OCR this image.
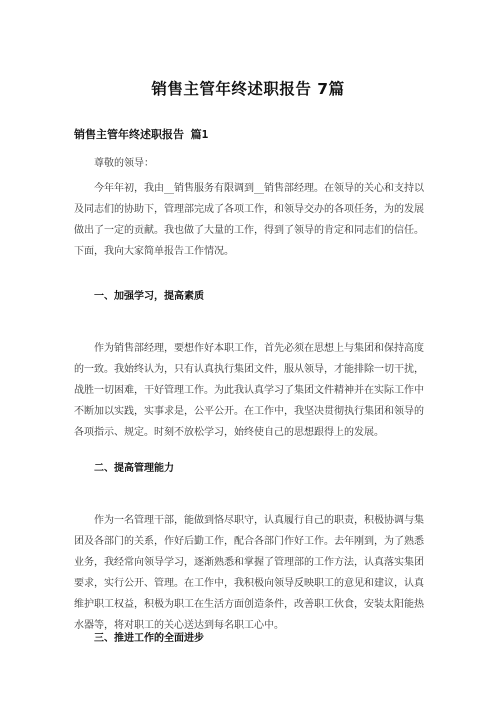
销售主管年终述职报告 7篇
销售主管年终述职报告 篇1
尊敬的领导：

今年年初，我由__销售服务有限调到__销售部经理。在领导的关心和支持以及同志们的协助下，管理部完成了各项工作，和领导交办的各项任务，为的发展做出了一定的贡献。我也做了大量的工作，得到了领导的肯定和同志们的信任。下面，我向大家简单报告工作情况。

一、加强学习，提高素质

作为销售部经理，要想作好本职工作，首先必须在思想上与集团和保持高度的一致。我始终认为，只有认真执行集团文件，服从领导，才能排除一切干扰，战胜一切困难，干好管理工作。为此我认真学习了集团文件精神并在实际工作中不断加以实践，实事求是，公平公开。在工作中，我坚决贯彻执行集团和领导的各项指示、规定。时刻不放松学习，始终使自己的思想跟得上的发展。

二、提高管理能力

作为一名管理干部，能做到恪尽职守，认真履行自己的职责，积极协调与集团及各部门的关系，作好后勤工作，配合各部门作好工作。去年刚到，为了熟悉业务，我经常向领导学习，逐渐熟悉和掌握了管理部的工作方法，认真落实集团要求，实行公开、管理。在工作中，我积极向领导反映职工的意见和建议，认真维护职工权益，积极为职工在生活方面创造条件，改善职工伙食，安装太阳能热水器等，将对职工的关心送达到每名职工心中。

三、推进工作的全面进步
